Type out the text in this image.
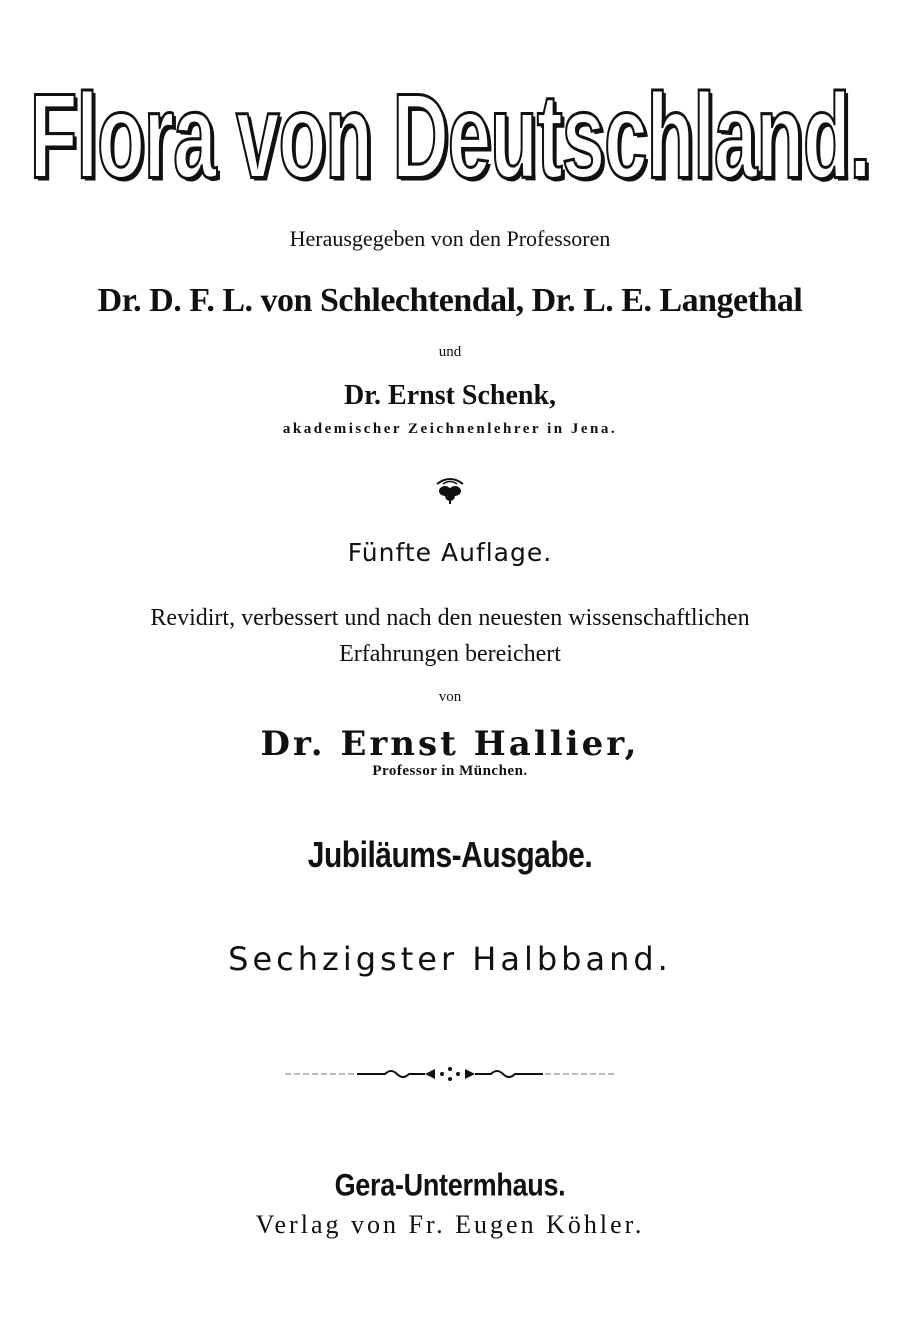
Flora von Deutschland.
Herausgegeben von den Professoren
Dr. D. F. L. von Schlechtendal, Dr. L. E. Langethal
und
Dr. Ernst Schenk,
akademischer Zeichnenlehrer in Jena.
Fünfte Auflage.
Revidirt, verbessert und nach den neuesten wissenschaftlichen
Erfahrungen bereichert
von
Dr. Ernst Hallier,
Professor in München.
Jubiläums-Ausgabe.
Sechzigster Halbband.
Gera-Untermhaus.
Verlag von Fr. Eugen Köhler.
